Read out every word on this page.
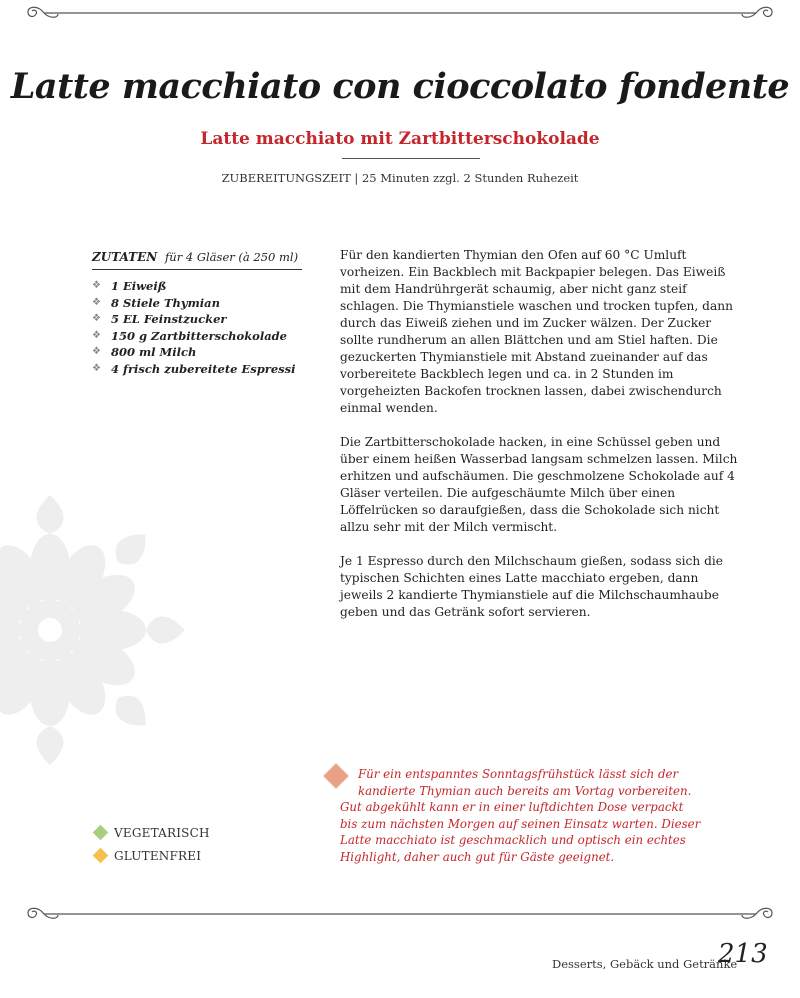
Latte macchiato con cioccolato fondente
Latte macchiato mit Zartbitterschokolade
ZUBEREITUNGSZEIT | 25 Minuten zzgl. 2 Stunden Ruhezeit
ZUTATEN für 4 Gläser (à 250 ml)
❖ 1 Eiweiß
❖ 8 Stiele Thymian
❖ 5 EL Feinstzucker
❖ 150 g Zartbitterschokolade
❖ 800 ml Milch
❖ 4 frisch zubereitete Espressi

Für den kandierten Thymian den Ofen auf 60 °C Umluft vorheizen. Ein Backblech mit Backpapier belegen. Das Eiweiß mit dem Handrührgerät schaumig, aber nicht ganz steif schlagen. Die Thymianstiele waschen und trocken tupfen, dann durch das Eiweiß ziehen und im Zucker wälzen. Der Zucker sollte rundherum an allen Blättchen und am Stiel haften. Die gezuckerten Thymianstiele mit Abstand zueinander auf das vorbereitete Backblech legen und ca. in 2 Stunden im vorgeheizten Backofen trocknen lassen, dabei zwischendurch einmal wenden.

Die Zartbitterschokolade hacken, in eine Schüssel geben und über einem heißen Wasserbad langsam schmelzen lassen. Milch erhitzen und aufschäumen. Die geschmolzene Schokolade auf 4 Gläser verteilen. Die aufgeschäumte Milch über einen Löffelrücken so daraufgießen, dass die Schokolade sich nicht allzu sehr mit der Milch vermischt.

Je 1 Espresso durch den Milchschaum gießen, sodass sich die typischen Schichten eines Latte macchiato ergeben, dann jeweils 2 kandierte Thymianstiele auf die Milchschaumhaube geben und das Getränk sofort servieren.

Für ein entspanntes Sonntagsfrühstück lässt sich der
kandierte Thymian auch bereits am Vortag vorbereiten.
Gut abgekühlt kann er in einer luftdichten Dose verpackt
bis zum nächsten Morgen auf seinen Einsatz warten. Dieser
Latte macchiato ist geschmacklich und optisch ein echtes
Highlight, daher auch gut für Gäste geeignet.
VEGETARISCH
GLUTENFREI
Desserts, Gebäck und Getränke
213
